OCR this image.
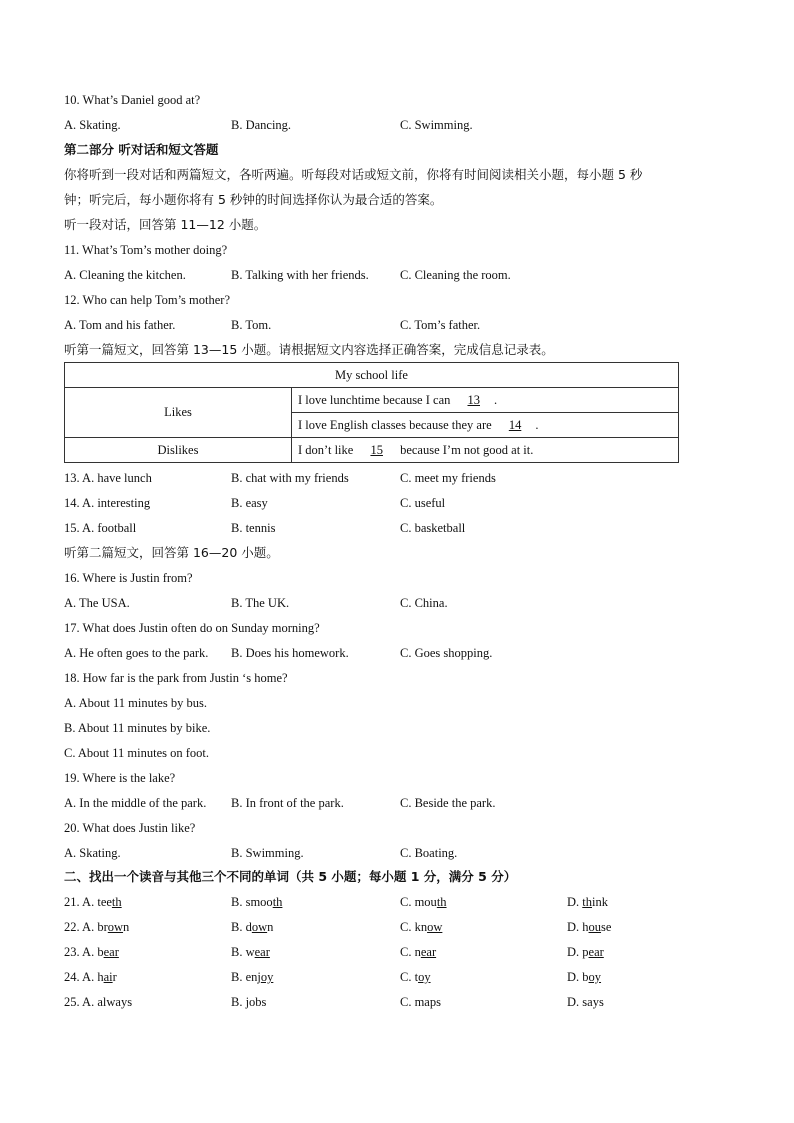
10. What’s Daniel good at?
A. Skating.	B. Dancing.	C. Swimming.
第二部分 听对话和短文答题
你将听到一段对话和两篇短文，各听两遍。听每段对话或短文前，你将有时间阅读相关小题，每小题 5 秒
钟；听完后，每小题你将有 5 秒钟的时间选择你认为最合适的答案。
听一段对话，回答第 11—12 小题。
11. What’s Tom’s mother doing?
A. Cleaning the kitchen.	B. Talking with her friends. C. Cleaning the room.
12. Who can help Tom’s mother?
A. Tom and his father.	B. Tom.	C. Tom’s father.
听第一篇短文，回答第 13—15 小题。请根据短文内容选择正确答案，完成信息记录表。
My school life	
Likes	I love lunchtime because I can 13 .
	I love English classes because they are 14 .
Dislikes	I don’t like 15 because I’m not good at it.
13. A. have lunch	B. chat with my friends	C. meet my friends
14. A. interesting	B. easy	C. useful
15. A. football	B. tennis	C. basketball
听第二篇短文，回答第 16—20 小题。
16. Where is Justin from?
A. The USA.	B. The UK.	C. China.
17. What does Justin often do on Sunday morning?
A. He often goes to the park. B. Does his homework.	C. Goes shopping.
18. How far is the park from Justin ‘s home?
A. About 11 minutes by bus.
B. About 11 minutes by bike.
C. About 11 minutes on foot.
19. Where is the lake?
A. In the middle of the park. B. In front of the park.	C. Beside the park.
20. What does Justin like?
A. Skating.	B. Swimming.	C. Boating.
二、找出一个读音与其他三个不同的单词（共 5 小题；每小题 1 分，满分 5 分）
21. A. teeth	B. smooth	C. mouth	D. think
22. A. brown	B. down	C. know	D. house
23. A. bear	B. wear	C. near	D. pear
24. A. hair	B. enjoy	C. toy	D. boy
25. A. always	B. jobs	C. maps	D. says
